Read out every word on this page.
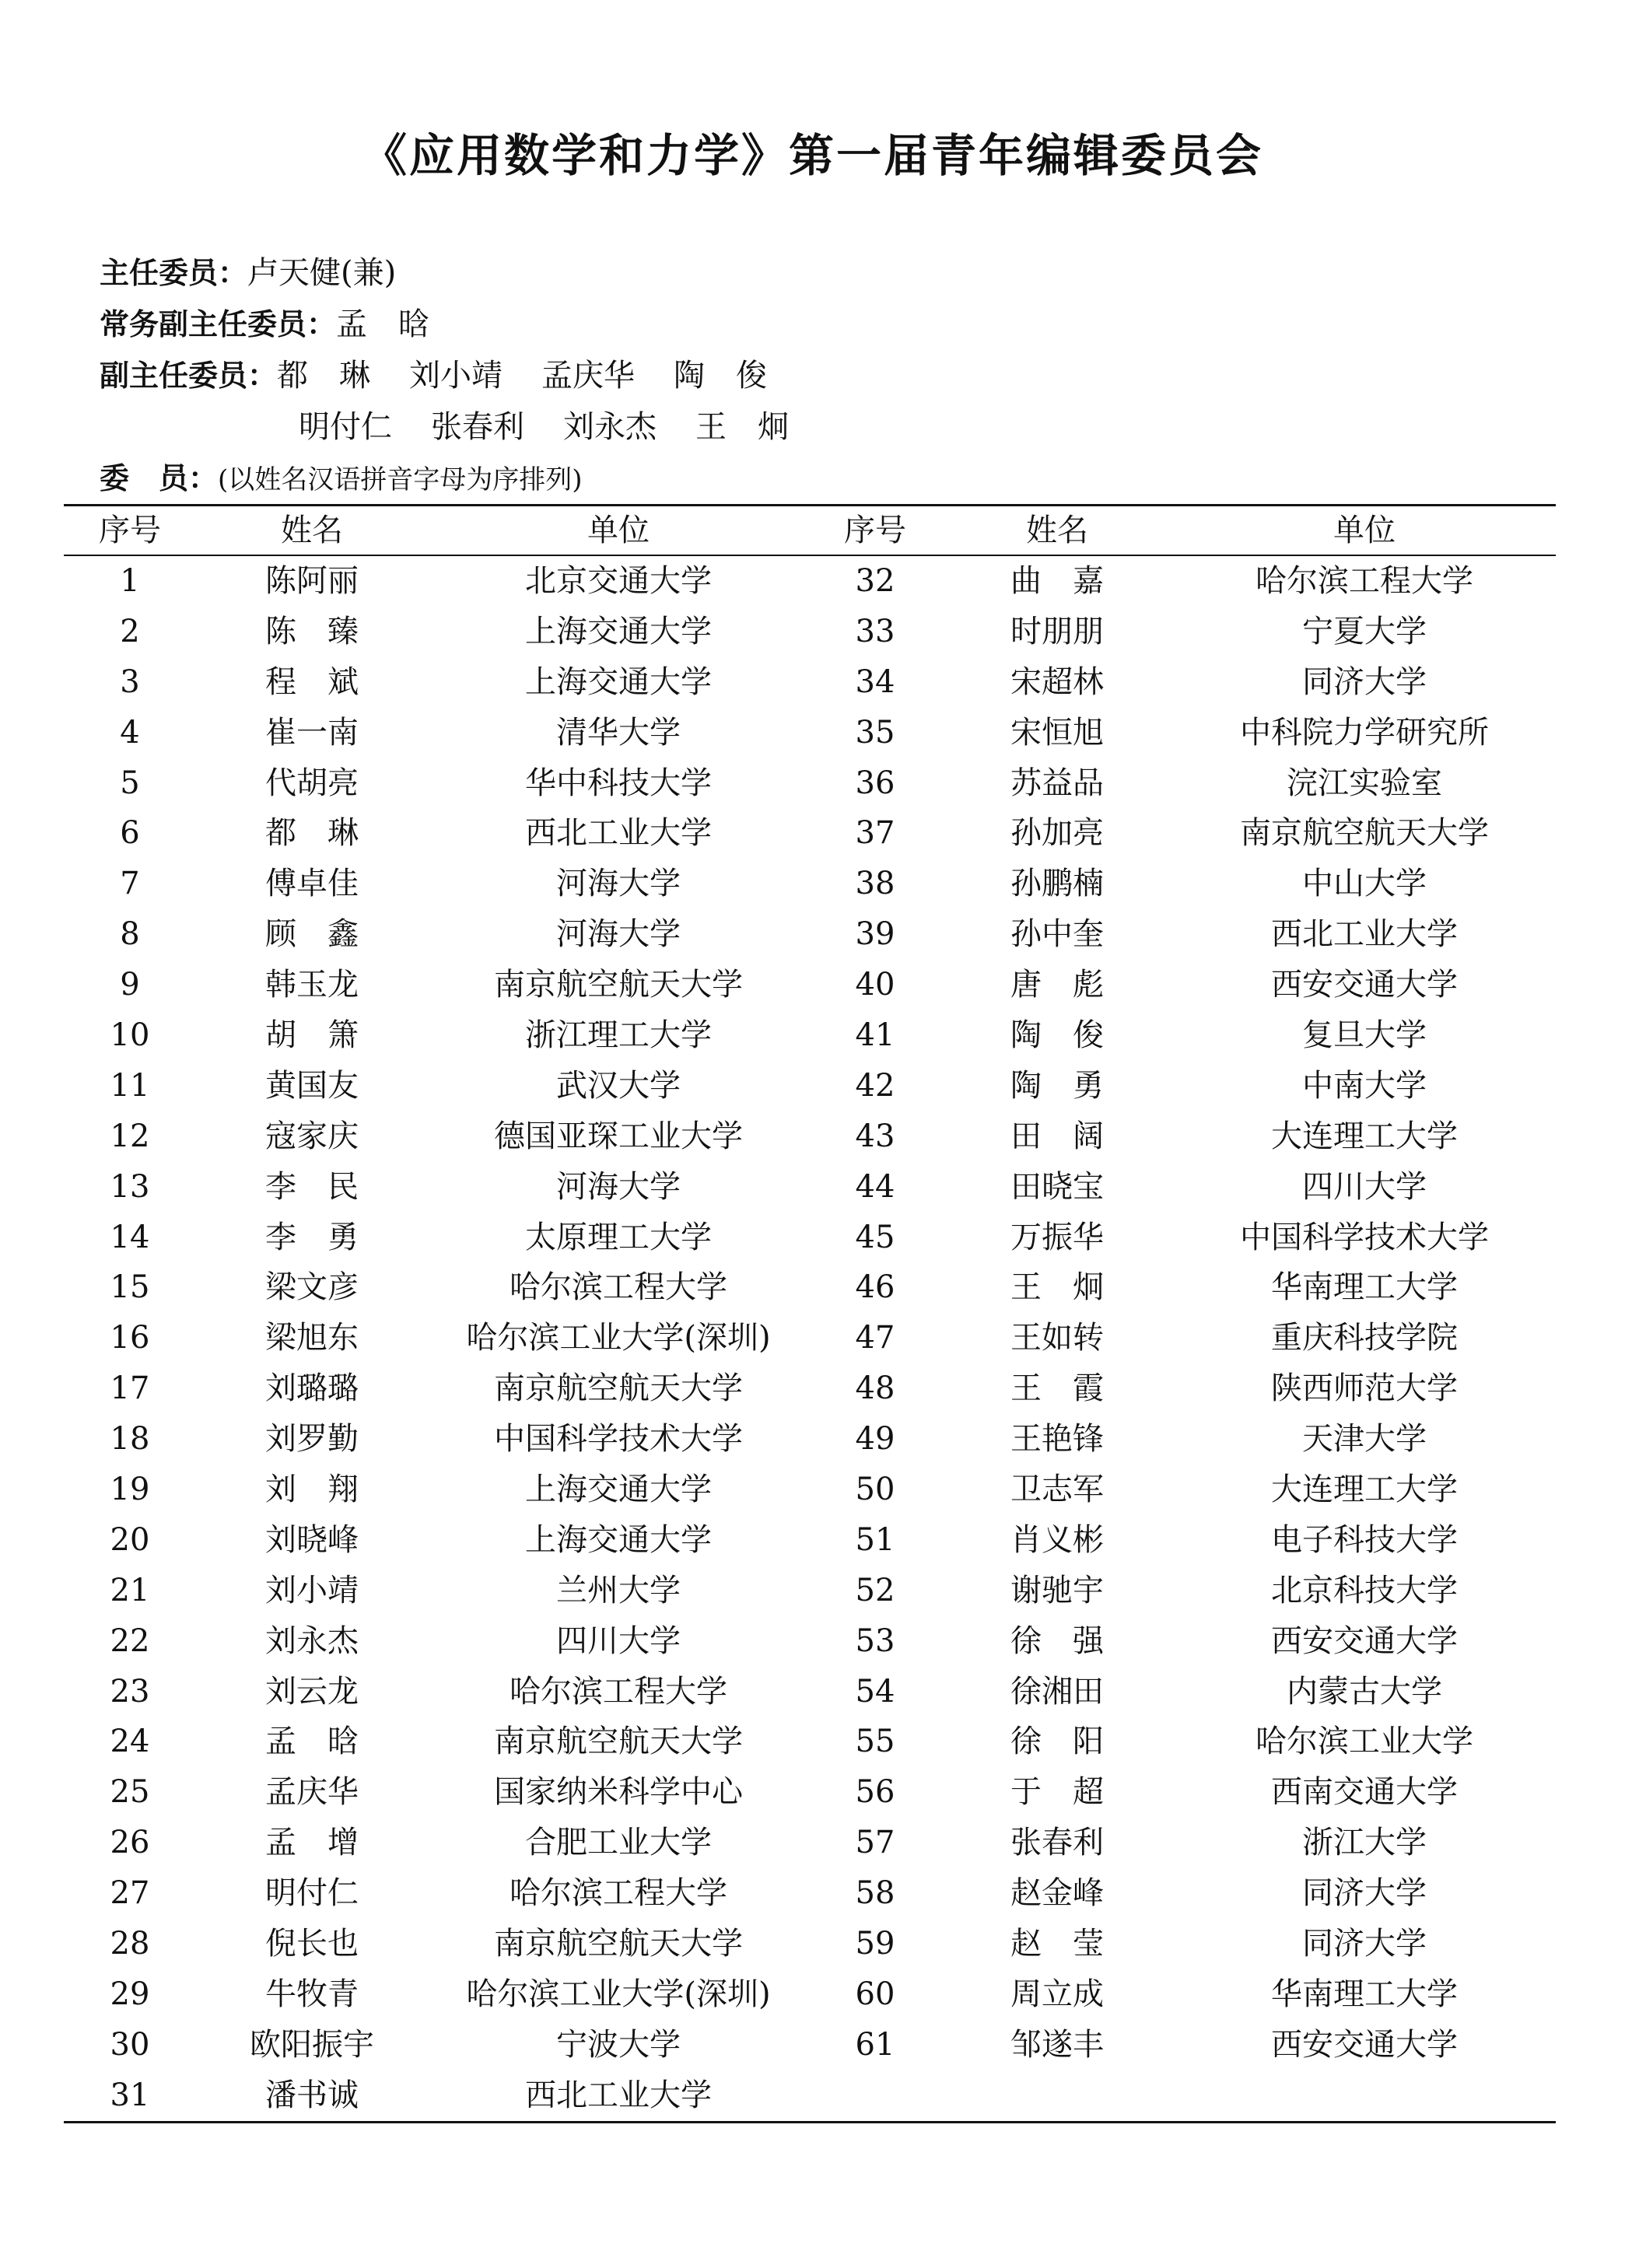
《应用数学和力学》第一届青年编辑委员会
主任委员：卢天健(兼)
常务副主任委员：孟　晗
副主任委员：都　琳 刘小靖 孟庆华 陶　俊
明付仁 张春利 刘永杰 王　炯
委　员：(以姓名汉语拼音字母为序排列)
序号	姓名	单位	序号	姓名	单位
1	陈阿丽	北京交通大学	32	曲　嘉	哈尔滨工程大学
2	陈　臻	上海交通大学	33	时朋朋	宁夏大学
3	程　斌	上海交通大学	34	宋超林	同济大学
4	崔一南	清华大学	35	宋恒旭	中科院力学研究所
5	代胡亮	华中科技大学	36	苏益品	浣江实验室
6	都　琳	西北工业大学	37	孙加亮	南京航空航天大学
7	傅卓佳	河海大学	38	孙鹏楠	中山大学
8	顾　鑫	河海大学	39	孙中奎	西北工业大学
9	韩玉龙	南京航空航天大学	40	唐　彪	西安交通大学
10	胡　箫	浙江理工大学	41	陶　俊	复旦大学
11	黄国友	武汉大学	42	陶　勇	中南大学
12	寇家庆	德国亚琛工业大学	43	田　阔	大连理工大学
13	李　民	河海大学	44	田晓宝	四川大学
14	李　勇	太原理工大学	45	万振华	中国科学技术大学
15	梁文彦	哈尔滨工程大学	46	王　炯	华南理工大学
16	梁旭东	哈尔滨工业大学(深圳)	47	王如转	重庆科技学院
17	刘璐璐	南京航空航天大学	48	王　霞	陕西师范大学
18	刘罗勤	中国科学技术大学	49	王艳锋	天津大学
19	刘　翔	上海交通大学	50	卫志军	大连理工大学
20	刘晓峰	上海交通大学	51	肖义彬	电子科技大学
21	刘小靖	兰州大学	52	谢驰宇	北京科技大学
22	刘永杰	四川大学	53	徐　强	西安交通大学
23	刘云龙	哈尔滨工程大学	54	徐湘田	内蒙古大学
24	孟　晗	南京航空航天大学	55	徐　阳	哈尔滨工业大学
25	孟庆华	国家纳米科学中心	56	于　超	西南交通大学
26	孟　增	合肥工业大学	57	张春利	浙江大学
27	明付仁	哈尔滨工程大学	58	赵金峰	同济大学
28	倪长也	南京航空航天大学	59	赵　莹	同济大学
29	牛牧青	哈尔滨工业大学(深圳)	60	周立成	华南理工大学
30	欧阳振宇	宁波大学	61	邹遂丰	西安交通大学
31	潘书诚	西北工业大学
